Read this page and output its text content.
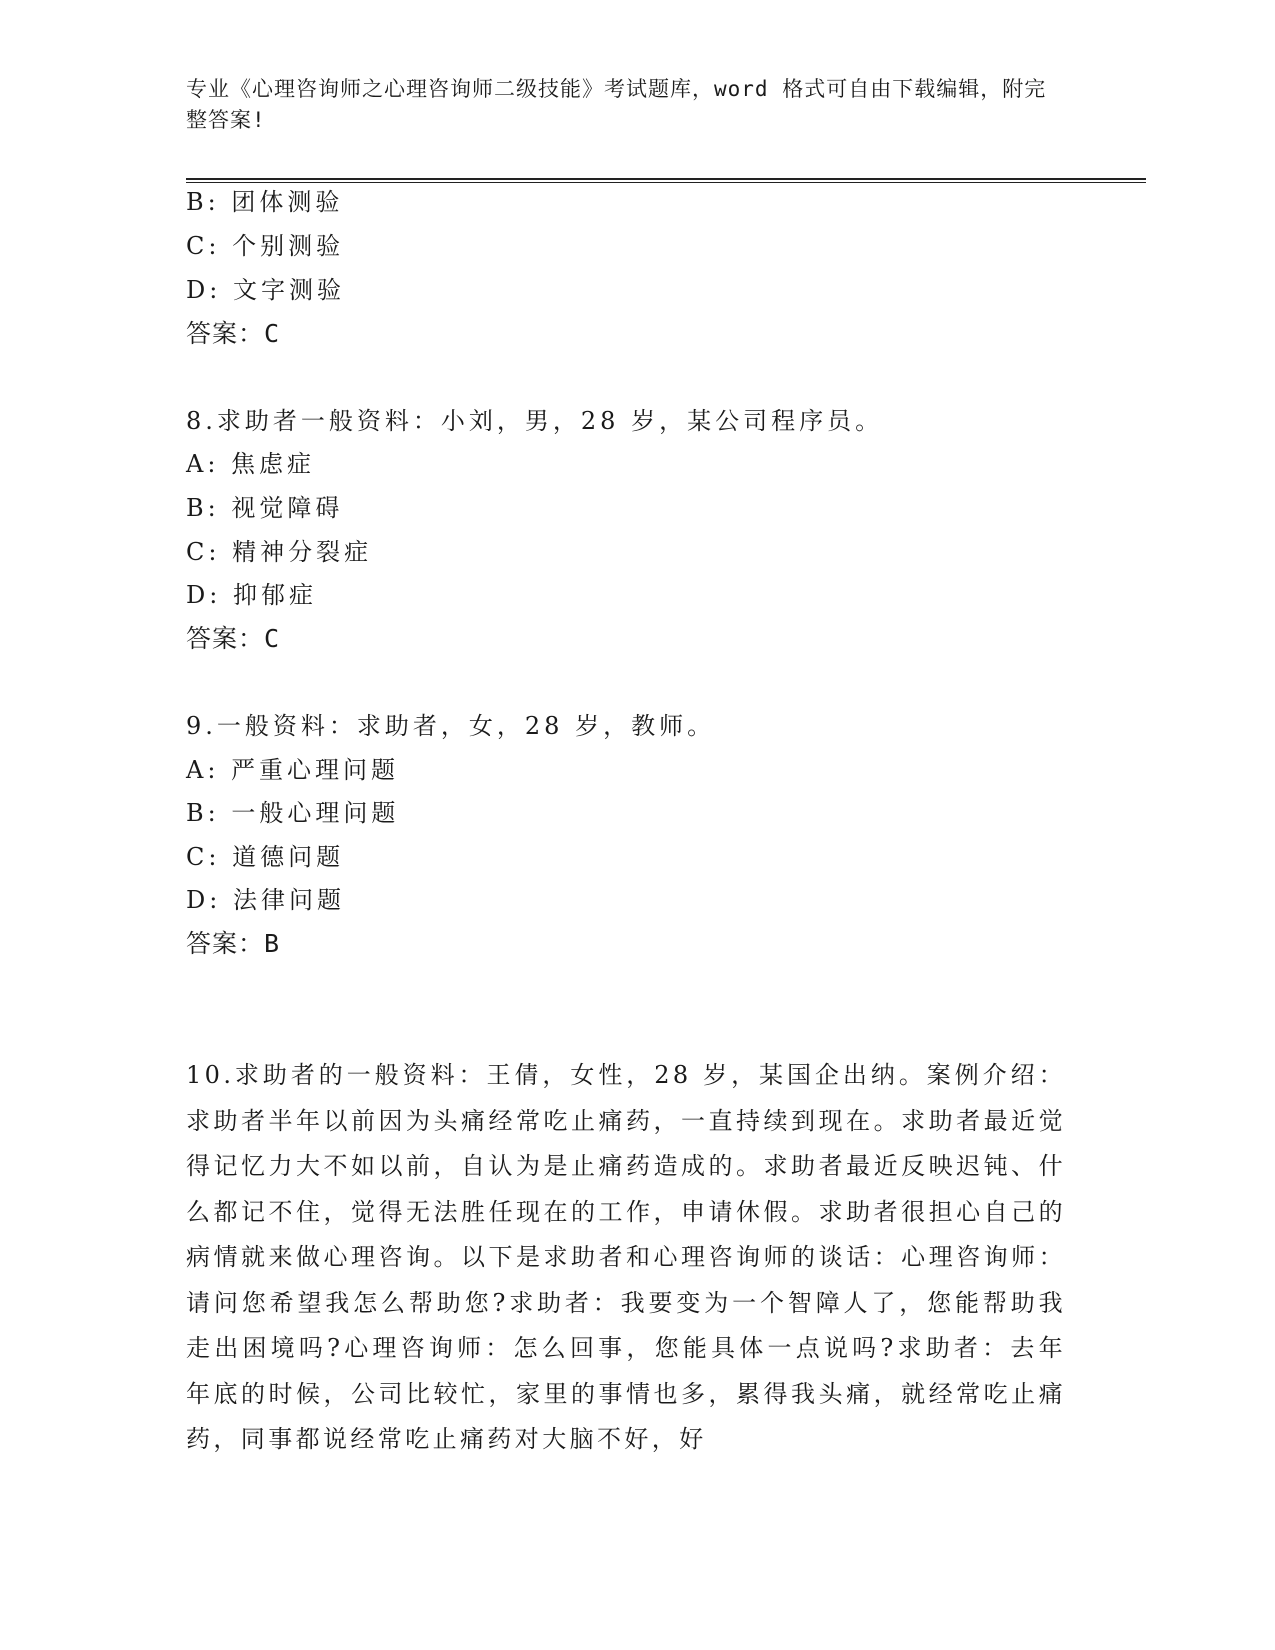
专业《心理咨询师之心理咨询师二级技能》考试题库，word 格式可自由下载编辑，附完整答案!

B: 团体测验

C: 个别测验

D: 文字测验

答案：C

8.求助者一般资料：小刘，男，28 岁，某公司程序员。

A: 焦虑症

B: 视觉障碍

C: 精神分裂症

D: 抑郁症

答案：C

9.一般资料：求助者，女，28 岁，教师。

A: 严重心理问题

B: 一般心理问题

C: 道德问题

D: 法律问题

答案：B

10.求助者的一般资料：王倩，女性，28 岁，某国企出纳。案例介绍：求助者半年以前因为头痛经常吃止痛药，一直持续到现在。求助者最近觉得记忆力大不如以前，自认为是止痛药造成的。求助者最近反映迟钝、什么都记不住，觉得无法胜任现在的工作，申请休假。求助者很担心自己的病情就来做心理咨询。以下是求助者和心理咨询师的谈话：心理咨询师：请问您希望我怎么帮助您?求助者：我要变为一个智障人了，您能帮助我走出困境吗?心理咨询师：怎么回事，您能具体一点说吗?求助者：去年年底的时候，公司比较忙，家里的事情也多，累得我头痛，就经常吃止痛药，同事都说经常吃止痛药对大脑不好，好
